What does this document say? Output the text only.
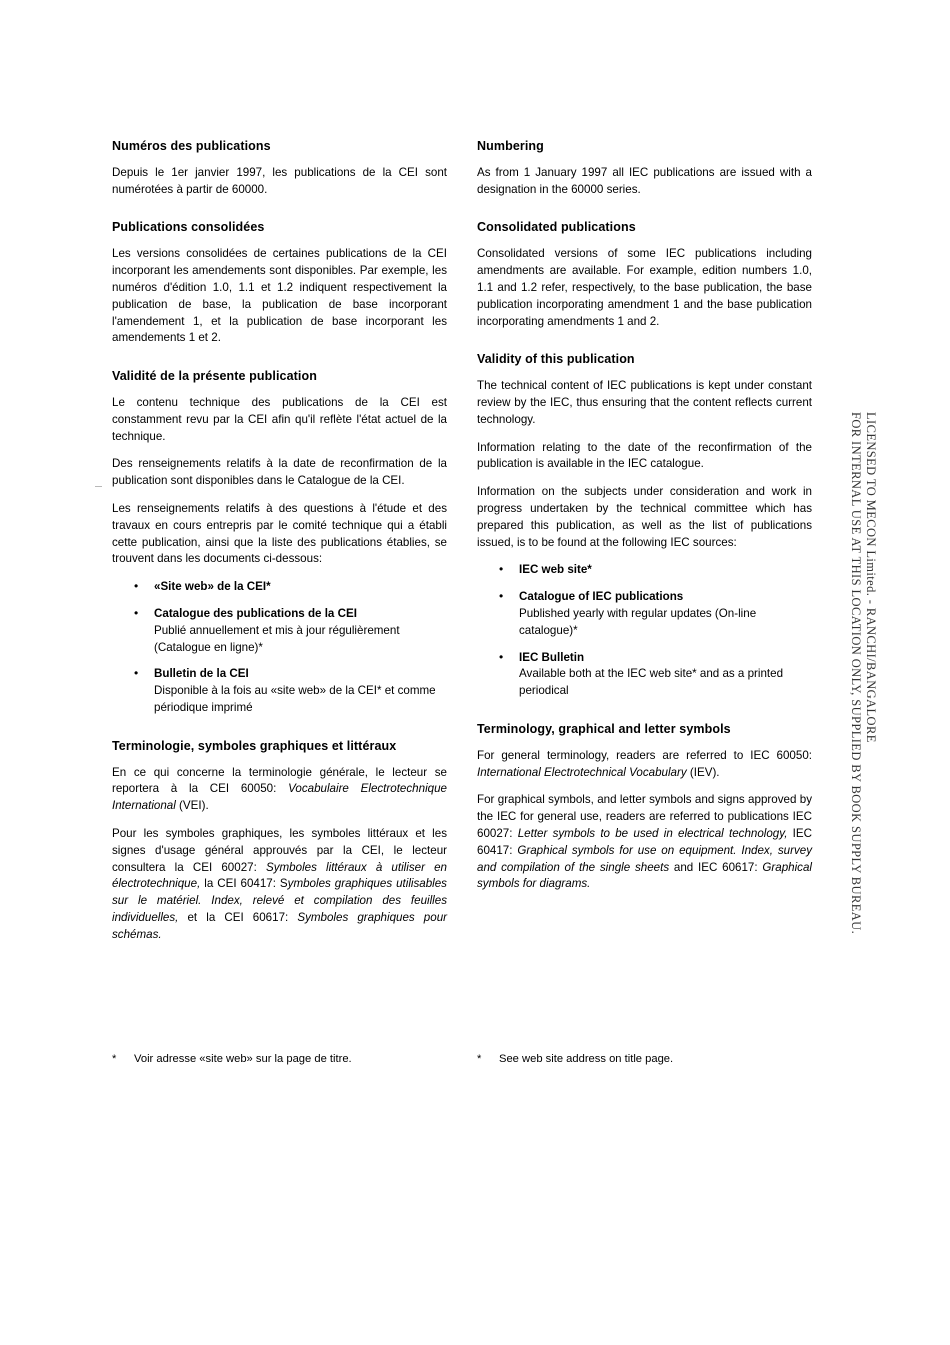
Numéros des publications

Depuis le 1er janvier 1997, les publications de la CEI sont numérotées à partir de 60000.

Publications consolidées

Les versions consolidées de certaines publications de la CEI incorporant les amendements sont disponibles. Par exemple, les numéros d'édition 1.0, 1.1 et 1.2 indiquent respectivement la publication de base, la publication de base incorporant l'amendement 1, et la publication de base incorporant les amendements 1 et 2.

Validité de la présente publication

Le contenu technique des publications de la CEI est constamment revu par la CEI afin qu'il reflète l'état actuel de la technique.

Des renseignements relatifs à la date de reconfirmation de la publication sont disponibles dans le Catalogue de la CEI.

Les renseignements relatifs à des questions à l'étude et des travaux en cours entrepris par le comité technique qui a établi cette publication, ainsi que la liste des publications établies, se trouvent dans les documents ci-dessous:

• «Site web» de la CEI*
• Catalogue des publications de la CEI
Publié annuellement et mis à jour régulièrement (Catalogue en ligne)*
• Bulletin de la CEI
Disponible à la fois au «site web» de la CEI* et comme périodique imprimé
Terminologie, symboles graphiques et littéraux

En ce qui concerne la terminologie générale, le lecteur se reportera à la CEI 60050: Vocabulaire Electrotechnique International (VEI).

Pour les symboles graphiques, les symboles littéraux et les signes d'usage général approuvés par la CEI, le lecteur consultera la CEI 60027: Symboles littéraux à utiliser en électrotechnique, la CEI 60417: Symboles graphiques utilisables sur le matériel. Index, relevé et compilation des feuilles individuelles, et la CEI 60617: Symboles graphiques pour schémas.

Numbering

As from 1 January 1997 all IEC publications are issued with a designation in the 60000 series.

Consolidated publications

Consolidated versions of some IEC publications including amendments are available. For example, edition numbers 1.0, 1.1 and 1.2 refer, respectively, to the base publication, the base publication incorporating amendment 1 and the base publication incorporating amendments 1 and 2.

Validity of this publication

The technical content of IEC publications is kept under constant review by the IEC, thus ensuring that the content reflects current technology.

Information relating to the date of the reconfirmation of the publication is available in the IEC catalogue.

Information on the subjects under consideration and work in progress undertaken by the technical committee which has prepared this publication, as well as the list of publications issued, is to be found at the following IEC sources:

• IEC web site*
• Catalogue of IEC publications
Published yearly with regular updates (On-line catalogue)*
• IEC Bulletin
Available both at the IEC web site* and as a printed periodical
Terminology, graphical and letter symbols

For general terminology, readers are referred to IEC 60050: International Electrotechnical Vocabulary (IEV).

For graphical symbols, and letter symbols and signs approved by the IEC for general use, readers are referred to publications IEC 60027: Letter symbols to be used in electrical technology, IEC 60417: Graphical symbols for use on equipment. Index, survey and compilation of the single sheets and IEC 60617: Graphical symbols for diagrams.

* Voir adresse «site web» sur la page de titre.	* See web site address on title page.
LICENSED TO MECON Limited. - RANCHI/BANGALORE
FOR INTERNAL USE AT THIS LOCATION ONLY, SUPPLIED BY BOOK SUPPLY BUREAU.
